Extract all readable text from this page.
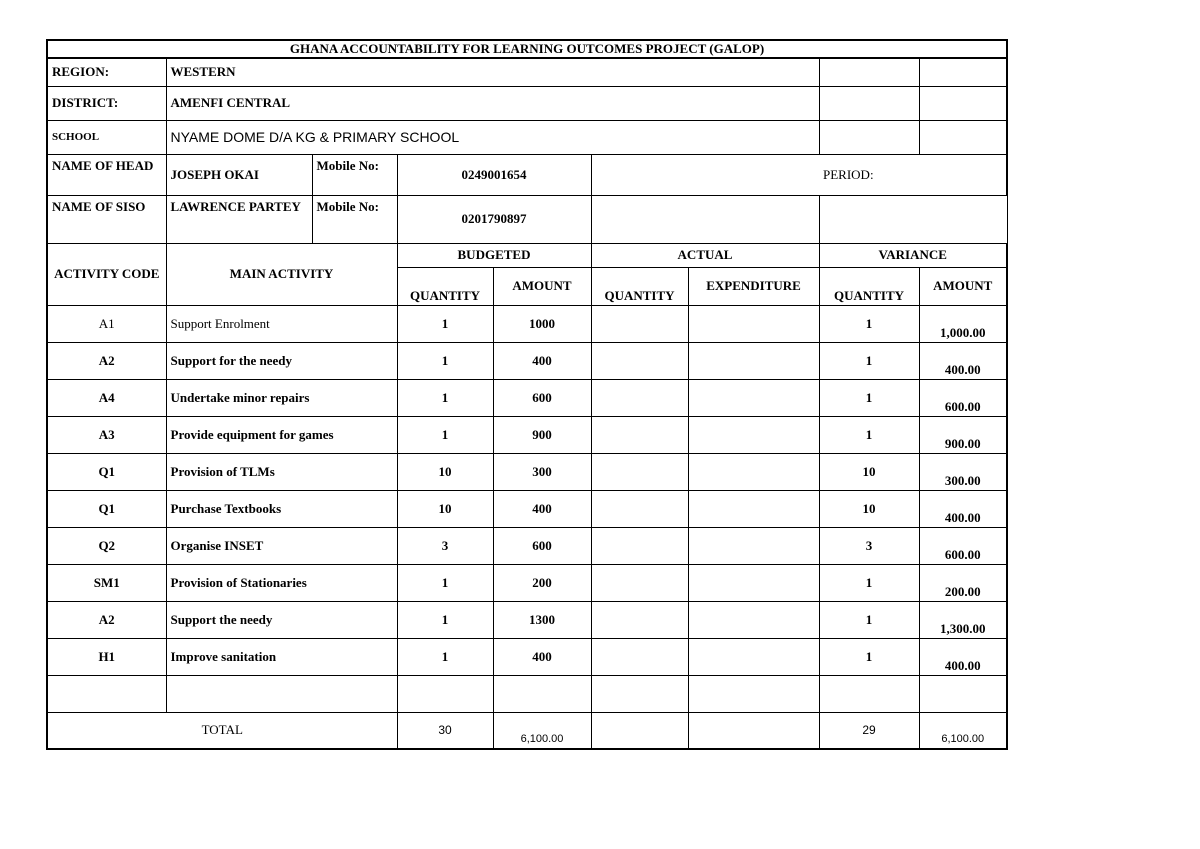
GHANA ACCOUNTABILITY FOR LEARNING OUTCOMES PROJECT (GALOP)								
REGION:	WESTERN							
DISTRICT:	AMENFI CENTRAL							
SCHOOL	NYAME DOME D/A KG & PRIMARY SCHOOL							
NAME OF HEAD	JOSEPH OKAI	Mobile No:	0249001654				PERIOD:	
NAME OF SISO	LAWRENCE PARTEY	Mobile No:	0201790897					
ACTIVITY CODE	MAIN ACTIVITY		BUDGETED		ACTUAL		VARIANCE	
			QUANTITY	AMOUNT	QUANTITY	EXPENDITURE	QUANTITY	AMOUNT
A1	Support Enrolment		1	1000			1	1,000.00
A2	Support for the needy		1	400			1	400.00
A4	Undertake minor repairs		1	600			1	600.00
A3	Provide equipment for games		1	900			1	900.00
Q1	Provision of TLMs		10	300			10	300.00
Q1	Purchase Textbooks		10	400			10	400.00
Q2	Organise INSET		3	600			3	600.00
SM1	Provision of Stationaries		1	200			1	200.00
A2	Support the needy		1	1300			1	1,300.00
H1	Improve sanitation		1	400			1	400.00

TOTAL			30	6,100.00			29	6,100.00
